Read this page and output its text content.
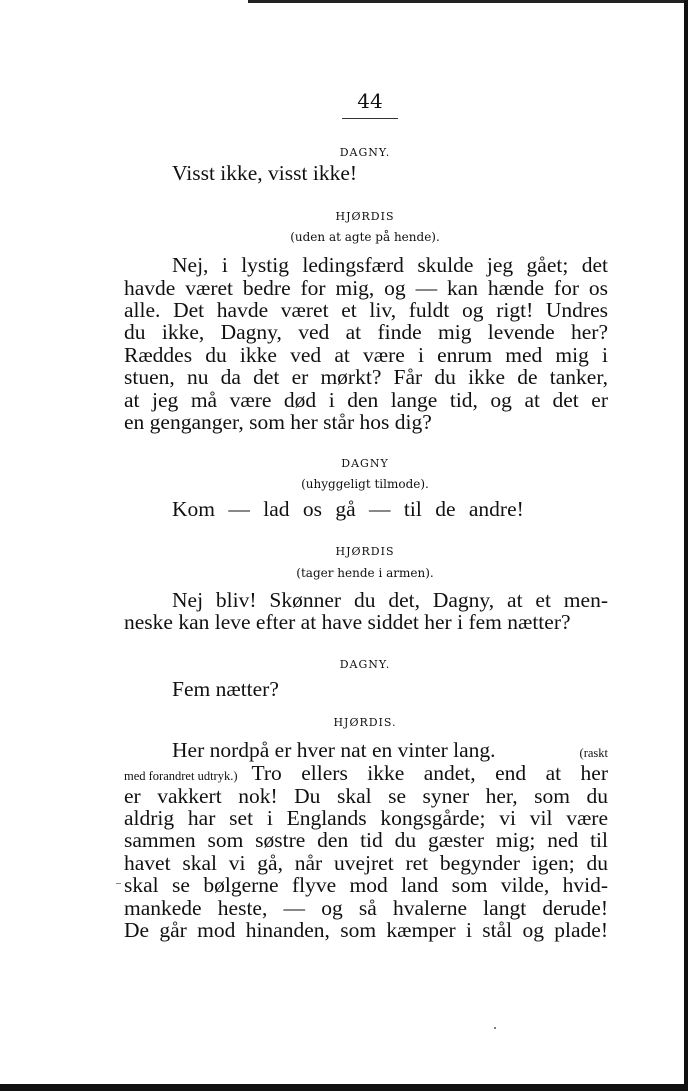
44
DAGNY.
Visst ikke, visst ikke!
HJØRDIS
(uden at agte på hende).
Nej, i lystig ledingsfærd skulde jeg gået; det
havde været bedre for mig, og — kan hænde for os
alle. Det havde været et liv, fuldt og rigt! Undres
du ikke, Dagny, ved at finde mig levende her?
Ræddes du ikke ved at være i enrum med mig i
stuen, nu da det er mørkt? Får du ikke de tanker,
at jeg må være død i den lange tid, og at det er
en genganger, som her står hos dig?
DAGNY
(uhyggeligt tilmode).
Kom — lad os gå — til de andre!
HJØRDIS
(tager hende i armen).
Nej bliv! Skønner du det, Dagny, at et men-
neske kan leve efter at have siddet her i fem nætter?
DAGNY.
Fem nætter?
HJØRDIS.
Her nordpå er hver nat en vinter lang.	(raskt
med forandret udtryk.) Tro ellers ikke andet, end at her
er vakkert nok! Du skal se syner her, som du
aldrig har set i Englands kongsgårde; vi vil være
sammen som søstre den tid du gæster mig; ned til
havet skal vi gå, når uvejret ret begynder igen; du
skal se bølgerne flyve mod land som vilde, hvid-
mankede heste, — og så hvalerne langt derude!
De går mod hinanden, som kæmper i stål og plade!
